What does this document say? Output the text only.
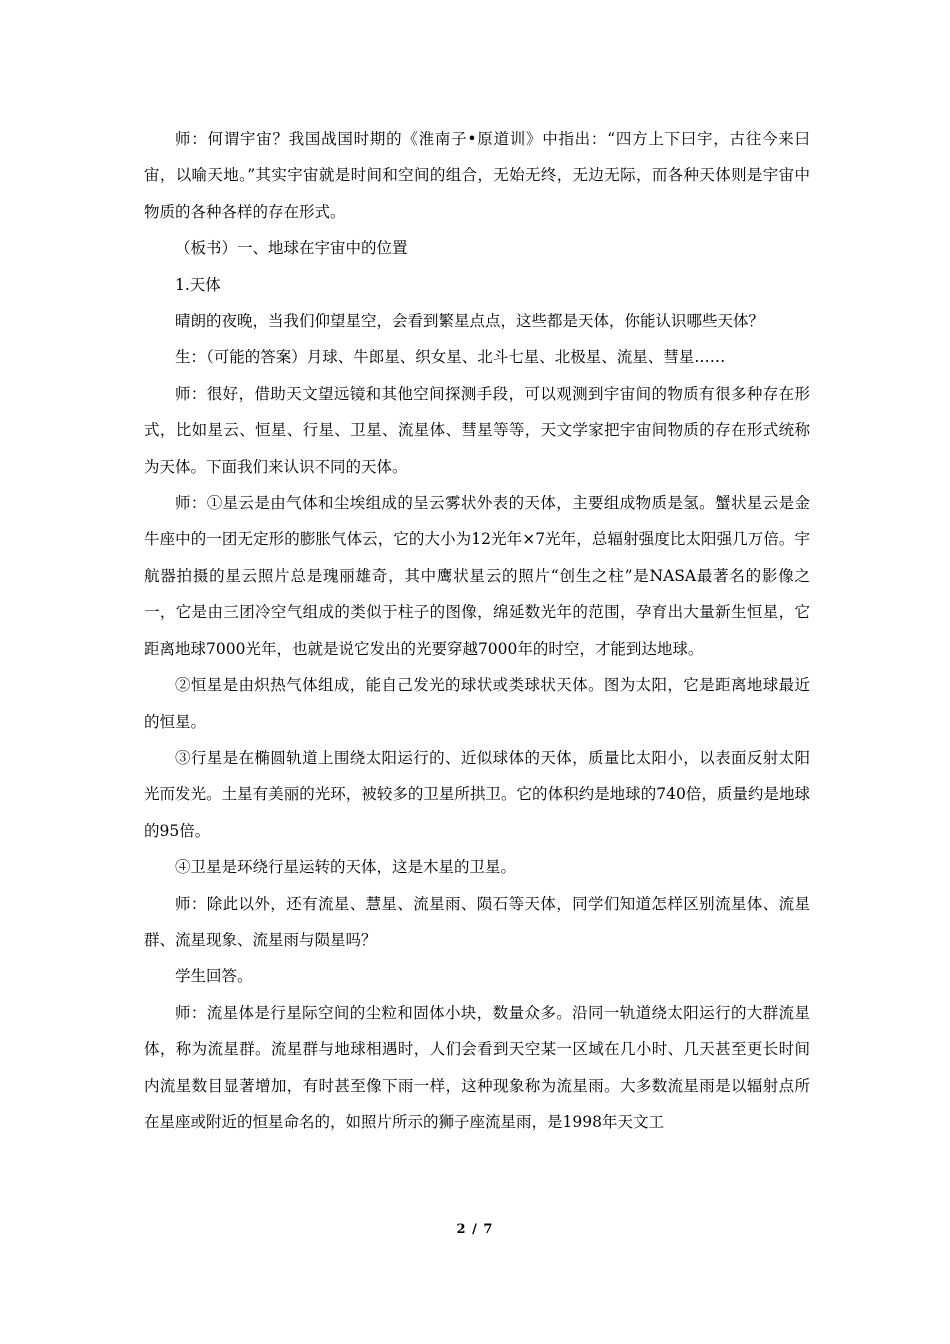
师：何谓宇宙？我国战国时期的《淮南子•原道训》中指出：“四方上下曰宇，古往今来曰宙，以喻天地。”其实宇宙就是时间和空间的组合，无始无终，无边无际，而各种天体则是宇宙中物质的各种各样的存在形式。

（板书）一、地球在宇宙中的位置

1.天体

晴朗的夜晚，当我们仰望星空，会看到繁星点点，这些都是天体，你能认识哪些天体？

生：（可能的答案）月球、牛郎星、织女星、北斗七星、北极星、流星、彗星……

师：很好，借助天文望远镜和其他空间探测手段，可以观测到宇宙间的物质有很多种存在形式，比如星云、恒星、行星、卫星、流星体、彗星等等，天文学家把宇宙间物质的存在形式统称为天体。下面我们来认识不同的天体。

师：①星云是由气体和尘埃组成的呈云雾状外表的天体，主要组成物质是氢。蟹状星云是金牛座中的一团无定形的膨胀气体云，它的大小为12光年×7光年，总辐射强度比太阳强几万倍。宇航器拍摄的星云照片总是瑰丽雄奇，其中鹰状星云的照片“创生之柱”是NASA最著名的影像之一，它是由三团冷空气组成的类似于柱子的图像，绵延数光年的范围，孕育出大量新生恒星，它距离地球7000光年，也就是说它发出的光要穿越7000年的时空，才能到达地球。

②恒星是由炽热气体组成，能自己发光的球状或类球状天体。图为太阳，它是距离地球最近的恒星。

③行星是在椭圆轨道上围绕太阳运行的、近似球体的天体，质量比太阳小，以表面反射太阳光而发光。土星有美丽的光环，被较多的卫星所拱卫。它的体积约是地球的740倍，质量约是地球的95倍。

④卫星是环绕行星运转的天体，这是木星的卫星。

师：除此以外，还有流星、慧星、流星雨、陨石等天体，同学们知道怎样区别流星体、流星群、流星现象、流星雨与陨星吗？

学生回答。

师：流星体是行星际空间的尘粒和固体小块，数量众多。沿同一轨道绕太阳运行的大群流星体，称为流星群。流星群与地球相遇时，人们会看到天空某一区域在几小时、几天甚至更长时间内流星数目显著增加，有时甚至像下雨一样，这种现象称为流星雨。大多数流星雨是以辐射点所在星座或附近的恒星命名的，如照片所示的狮子座流星雨，是1998年天文工

2 / 7
